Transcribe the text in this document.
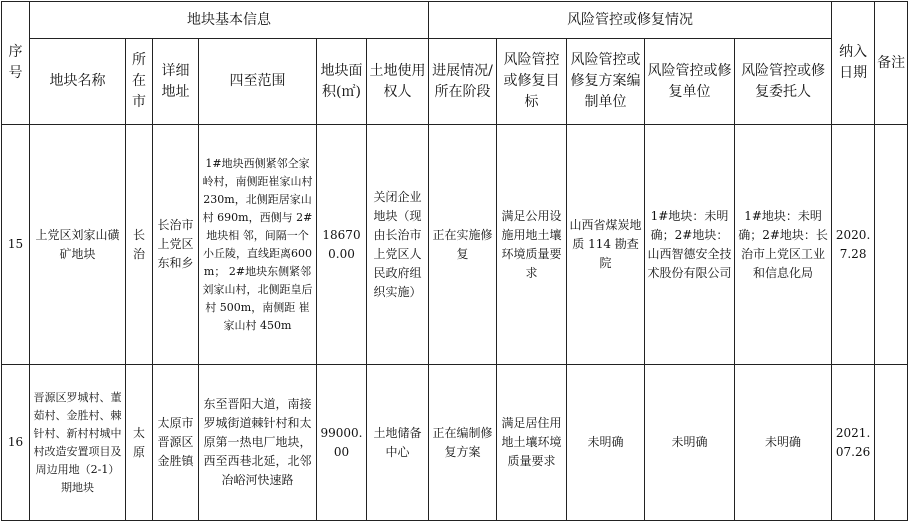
序号	地块基本信息						风险管控或修复情况					纳入日期	备注
	地块名称	所在市	详细地址	四至范围	地块面积(㎡)	土地使用权人	进展情况/所在阶段	风险管控或修复目标	风险管控或修复方案编制单位	风险管控或修复单位	风险管控或修复委托人		
15	上党区刘家山磺矿地块	长治	长治市上党区东和乡	1#地块西侧紧邻仝家岭村，南侧距崔家山村 230m，北侧距居家山村 690m，西侧与 2#地块相 邻，间隔一个小丘陵，直线距离600m； 2#地块东侧紧邻刘家山村，北侧距皇后村 500m，南侧距 崔家山村 450m	186700.00	关闭企业地块（现由长治市上党区人民政府组织实施）	正在实施修复	满足公用设施用地土壤环境质量要求	山西省煤炭地质 114 勘查院	1#地块：未明确；2#地块：山西智德安全技术股份有限公司	1#地块：未明确；2#地块：长治市上党区工业和信息化局	2020.7.28	
16	晋源区罗城村、董茹村、金胜村、棘针村、新村村城中村改造安置项目及周边用地（2-1）期地块	太原	太原市晋源区金胜镇	东至晋阳大道，南接罗城街道棘针村和太原第一热电厂地块，西至西巷北延，北邻冶峪河快速路	99000.00	土地储备中心	正在编制修复方案	满足居住用地土壤环境质量要求	未明确	未明确	未明确	2021.07.26	
